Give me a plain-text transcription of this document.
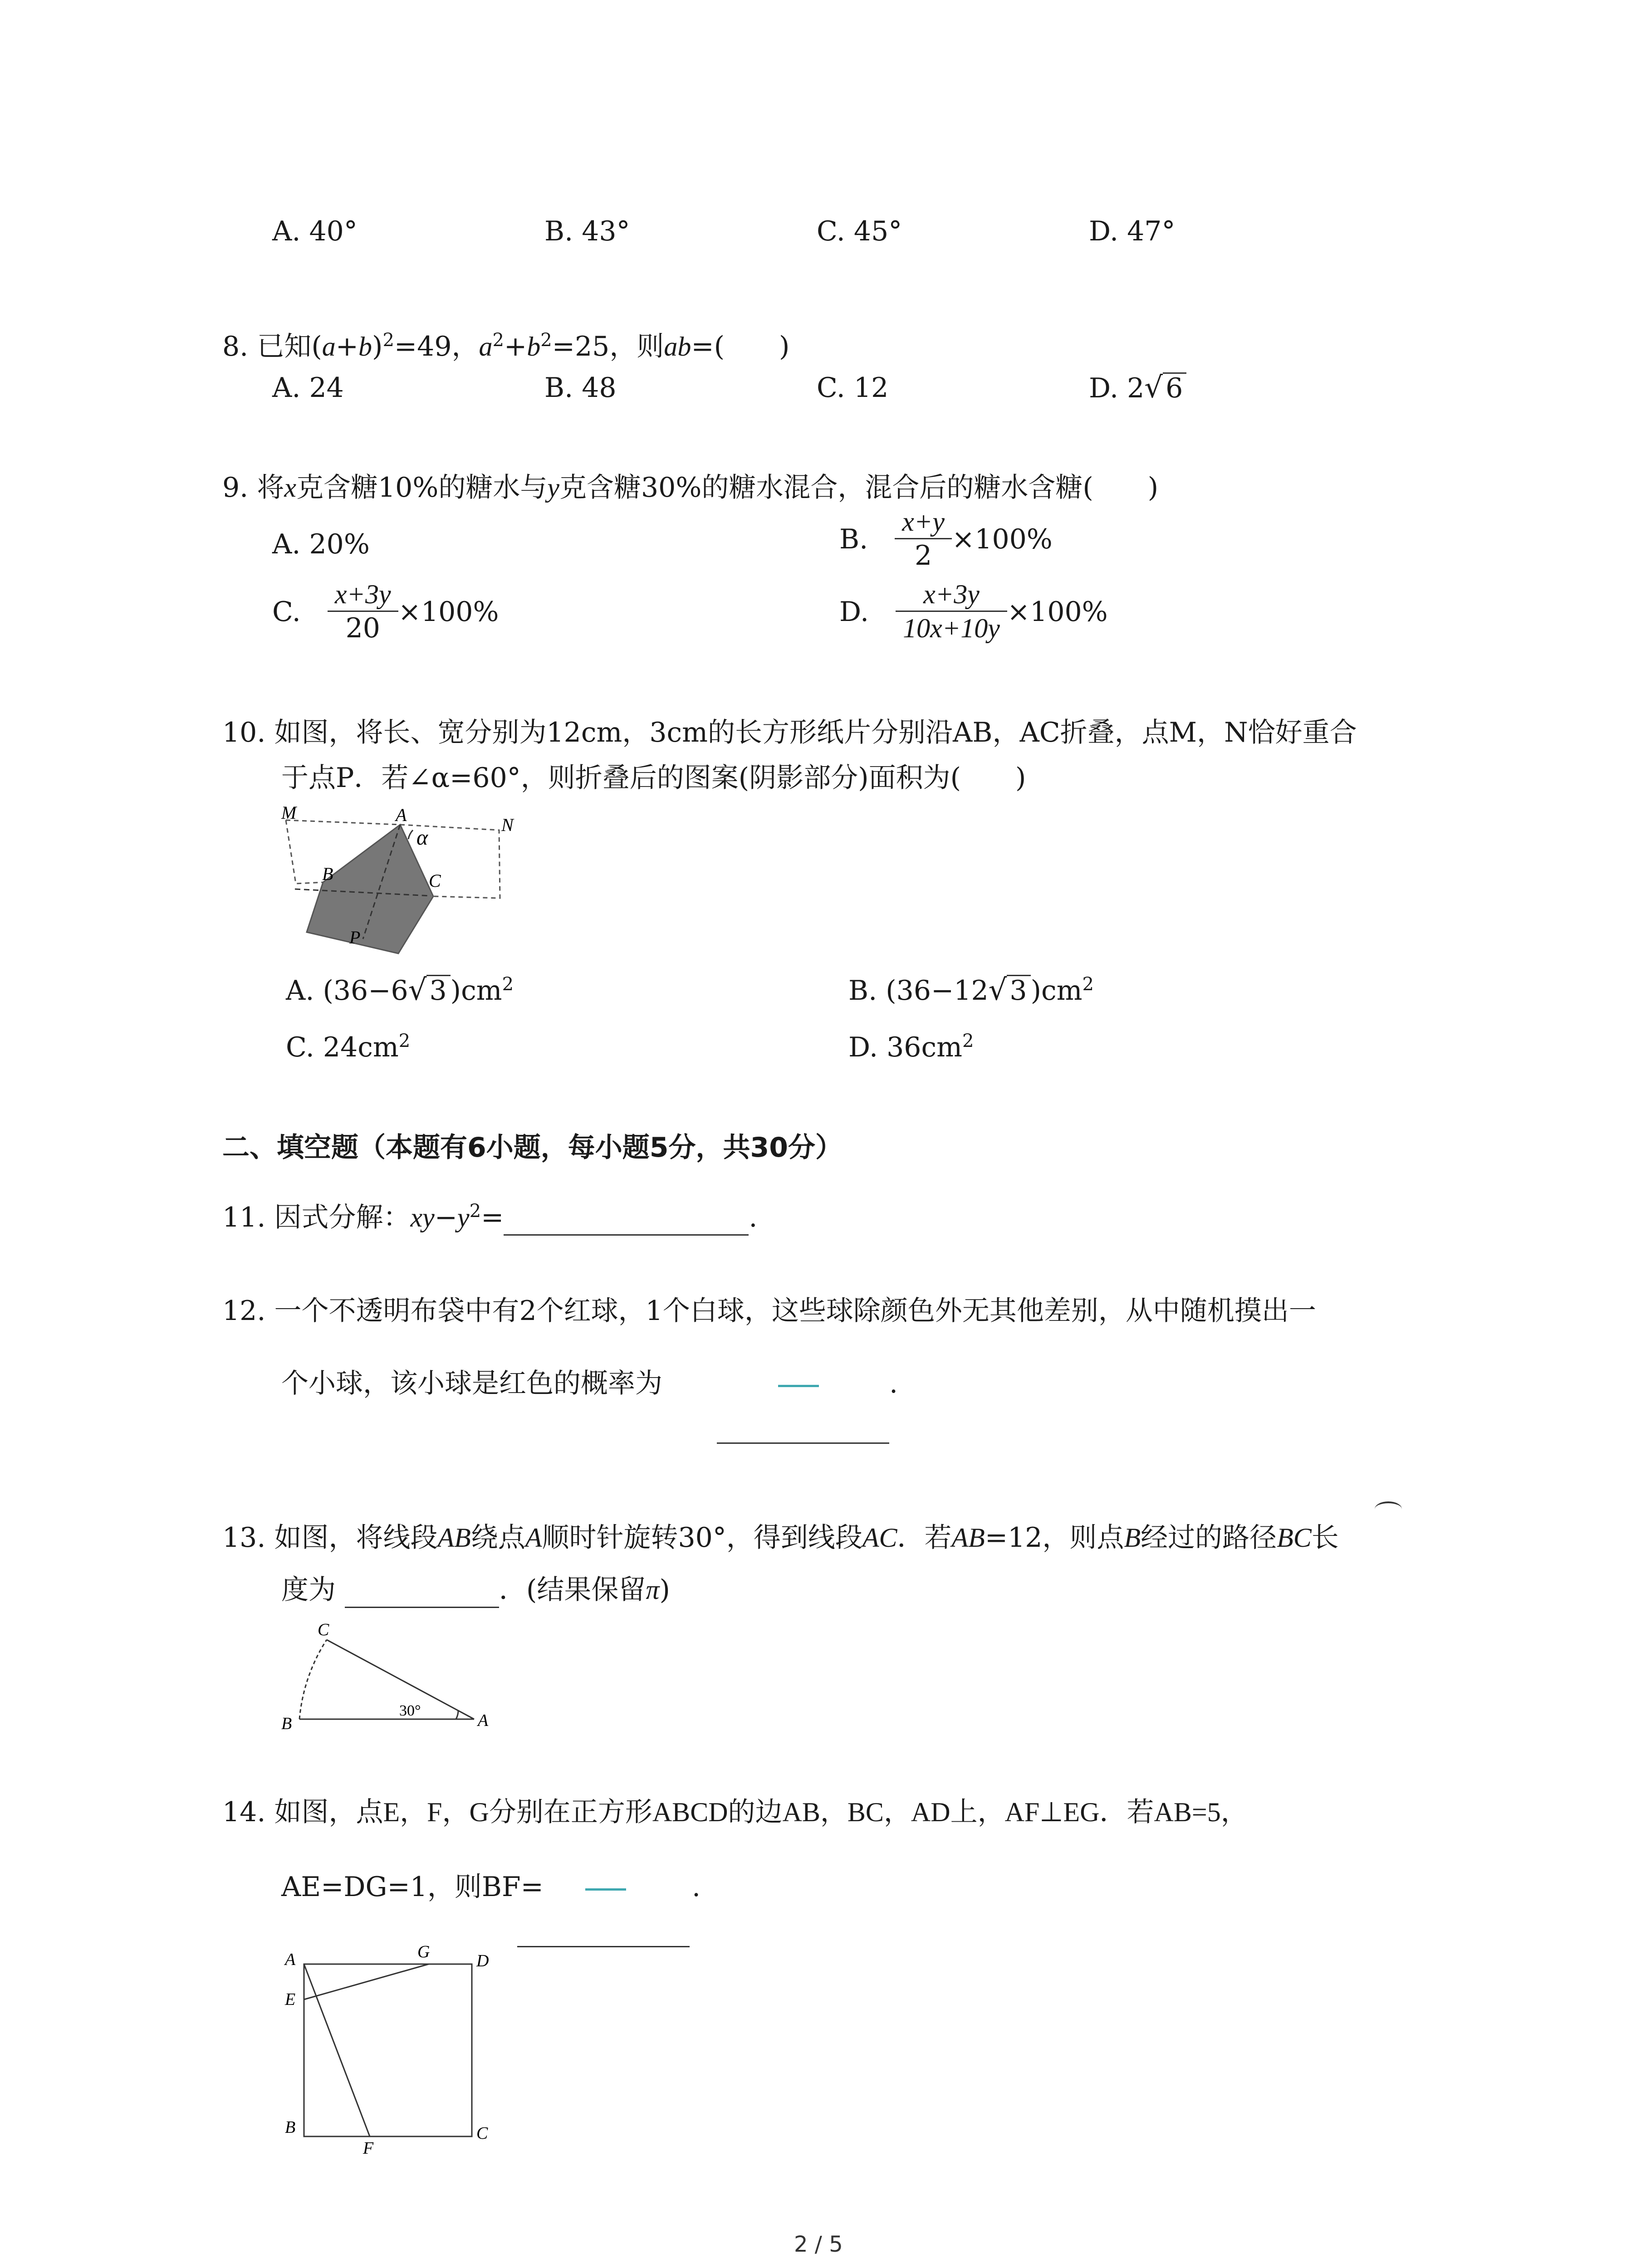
A. 40°	B. 43°	C. 45°	D. 47°
8. 已知$(a+b)^2=49$，$a^2+b^2=25$，则ab=(　　)
A. 24	B. 48	C. 12	D. 2√ 6
9. 将x克含糖10%的糖水与y克含糖30%的糖水混合，混合后的糖水含糖(　　)
A. 20%	B. $\frac{x+y}{2} \times 100\%$
C. $\frac{x+3y}{20} \times 100\%$	D. $\frac{x+3y}{10x+10y} \times 100\%$
10. 如图，将长、宽分别为12cm，3cm的长方形纸片分别沿AB，AC折叠，点M，N恰好重合
于点P．若∠α=60°，则折叠后的图案(阴影部分)面积为(　　)
M	A	N
α
B	C
P
A. (36−6√ 3 )$cm^2$	B. (36−12√ 3 )$cm^2$
C. $24cm^2$	D. $36cm^2$
二、填空题（本题有6小题，每小题5分，共30分）
11. 因式分解：$xy-y^2=$	.
12. 一个不透明布袋中有2个红球，1个白球，这些球除颜色外无其他差别，从中随机摸出一
个小球，该小球是红色的概率为	.
13. 如图，将线段AB绕点A顺时针旋转30°，得到线段AC．若AB=12，则点B经过的路径BC长
度为	．(结果保留π)
C
B	A
30°
14. 如图，点E，F，G分别在正方形ABCD的边AB，BC，AD上，AF⊥EG．若AB=5，
AE=DG=1，则BF=	.
A	G	D
E
B
F
C
2 / 5
